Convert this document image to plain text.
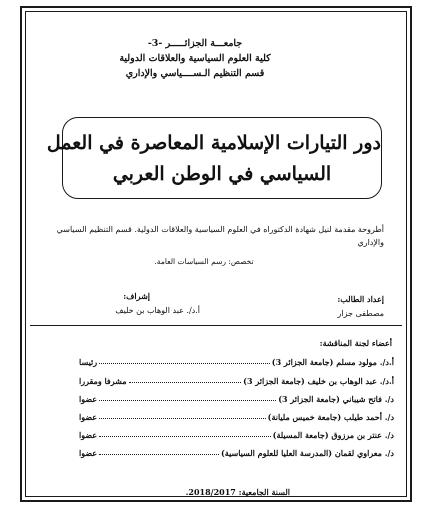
جامعـــة الجزائـــــر -3-
كلية العلوم السياسية والعلاقات الدولية
قسم التنظيم الـســــياسي والإداري
دور التيارات الإسلامية المعاصرة في العمل
السياسي في الوطن العربي
أطروحة مقدمة لنيل شهادة الدكتوراه في العلوم السياسية والعلاقات الدولية. قسم التنظيم السياسي والإداري
تخصص: رسم السياسات العامة.
إعداد الطالب:
مصطفى جزار
إشراف:
أ.د/. عبد الوهاب بن خليف
أعضاء لجنة المناقشة:
أ.د/. مولود مسلم (جامعة الجزائر 3)
رئيسا
أ.د/. عبد الوهاب بن خليف (جامعة الجزائر 3)
مشرفا ومقررا
د/. فاتح شيباني (جامعة الجزائر 3)
عضوا
د/. أحمد طيلب (جامعة خميس مليانة)
عضوا
د/. عنتر بن مرزوق (جامعة المسيلة)
عضوا
د/. معراوي لقمان (المدرسة العليا للعلوم السياسية)
عضوا
السنة الجامعية: 2018/2017.
